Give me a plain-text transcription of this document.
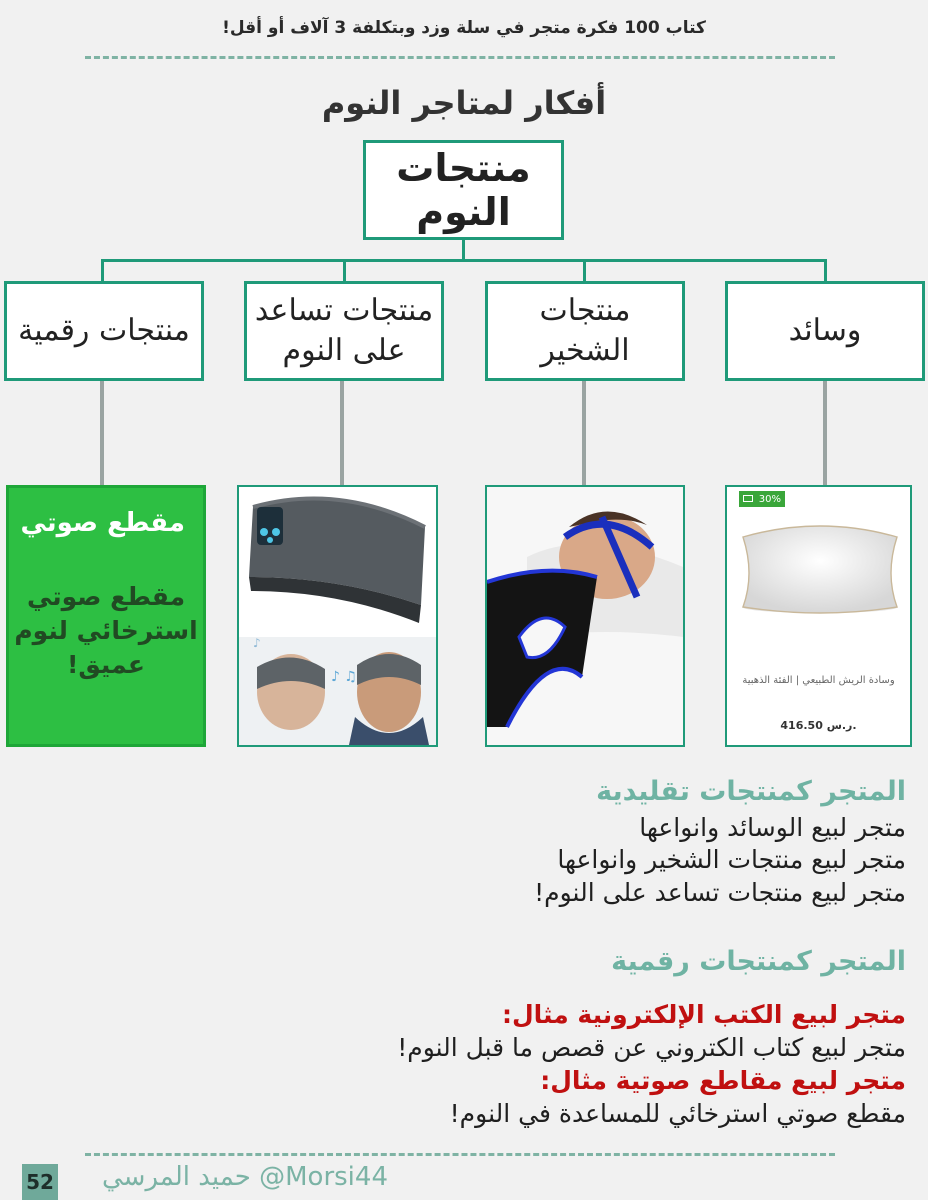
كتاب 100 فكرة متجر في سلة وزد وبتكلفة 3 آلاف أو أقل!
أفكار لمتاجر النوم
منتجات النوم
وسائد
منتجات الشخير
منتجات تساعد على النوم
منتجات رقمية
30%
وسادة الريش الطبيعي | الفئة الذهبية
416.50 ر.س.
♪ ♫
♪
مقطع صوتي
مقطع صوتي استرخائي لنوم عميق!
المتجر كمنتجات تقليدية
متجر لبيع الوسائد وانواعها
متجر لبيع منتجات الشخير وانواعها
متجر لبيع منتجات تساعد على النوم!
المتجر كمنتجات رقمية
متجر لبيع الكتب الإلكترونية مثال:
متجر لبيع كتاب الكتروني عن قصص ما قبل النوم!
متجر لبيع مقاطع صوتية مثال:
مقطع صوتي استرخائي للمساعدة في النوم!
حميد المرسي @Morsi44
52
